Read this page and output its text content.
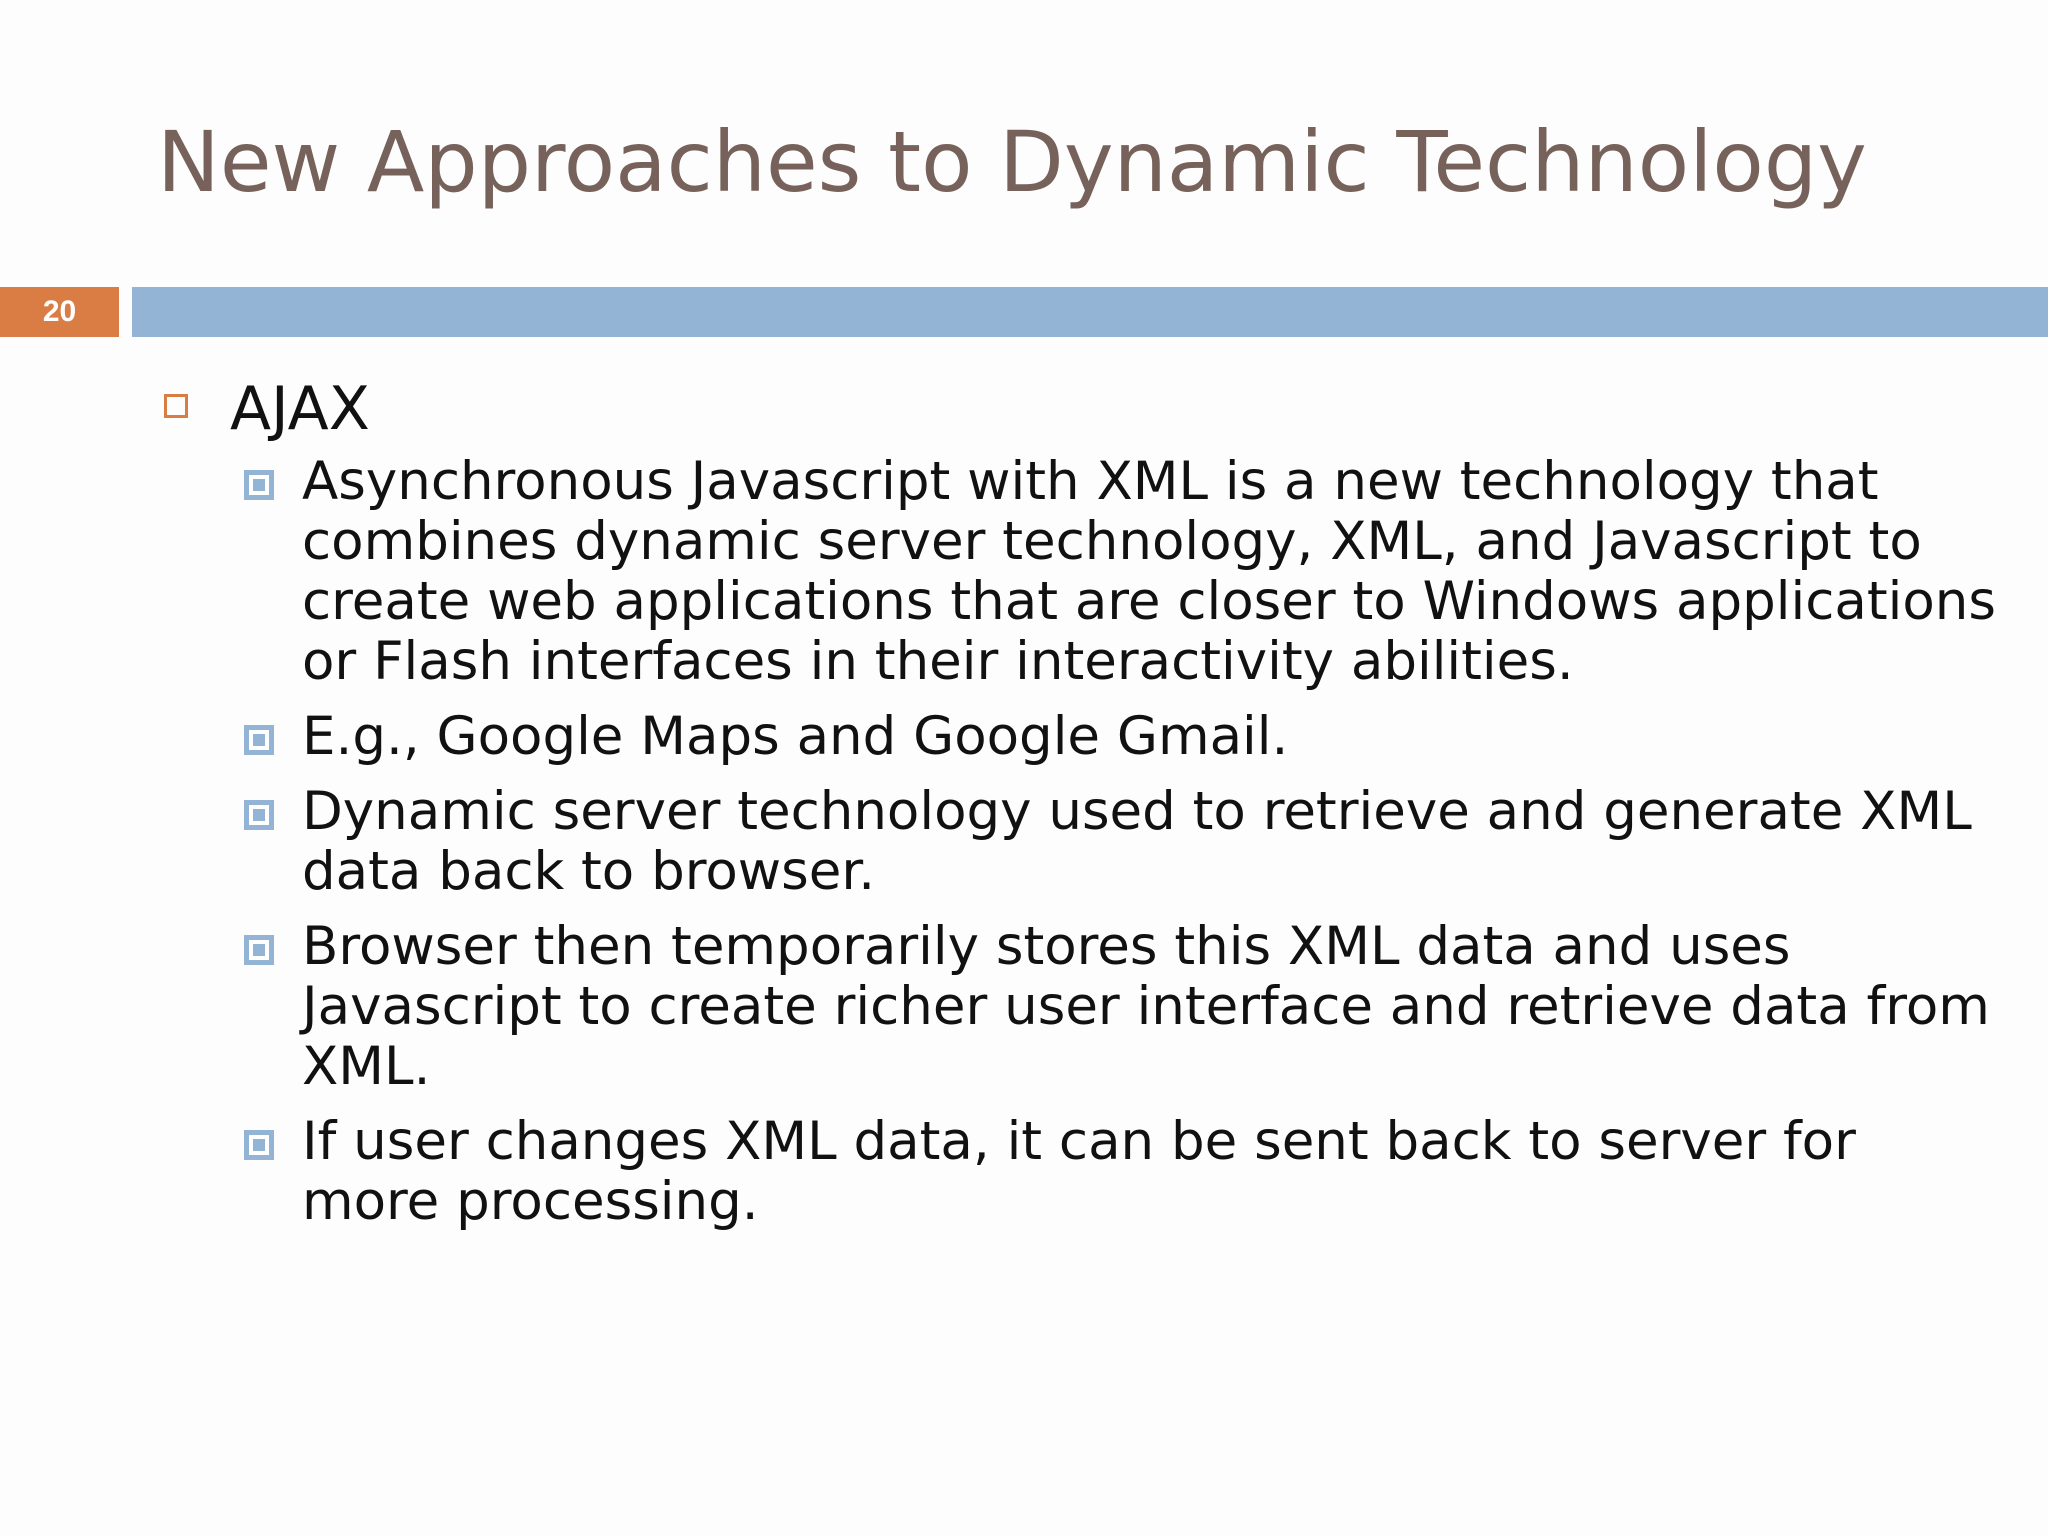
New Approaches to Dynamic Technology
20
AJAX
Asynchronous Javascript with XML is a new technology that combines dynamic server technology, XML, and Javascript to create web applications that are closer to Windows applications or Flash interfaces in their interactivity abilities.
E.g., Google Maps and Google Gmail.
Dynamic server technology used to retrieve and generate XML data back to browser.
Browser then temporarily stores this XML data and uses Javascript to create richer user interface and retrieve data from XML.
If user changes XML data, it can be sent back to server for more processing.
